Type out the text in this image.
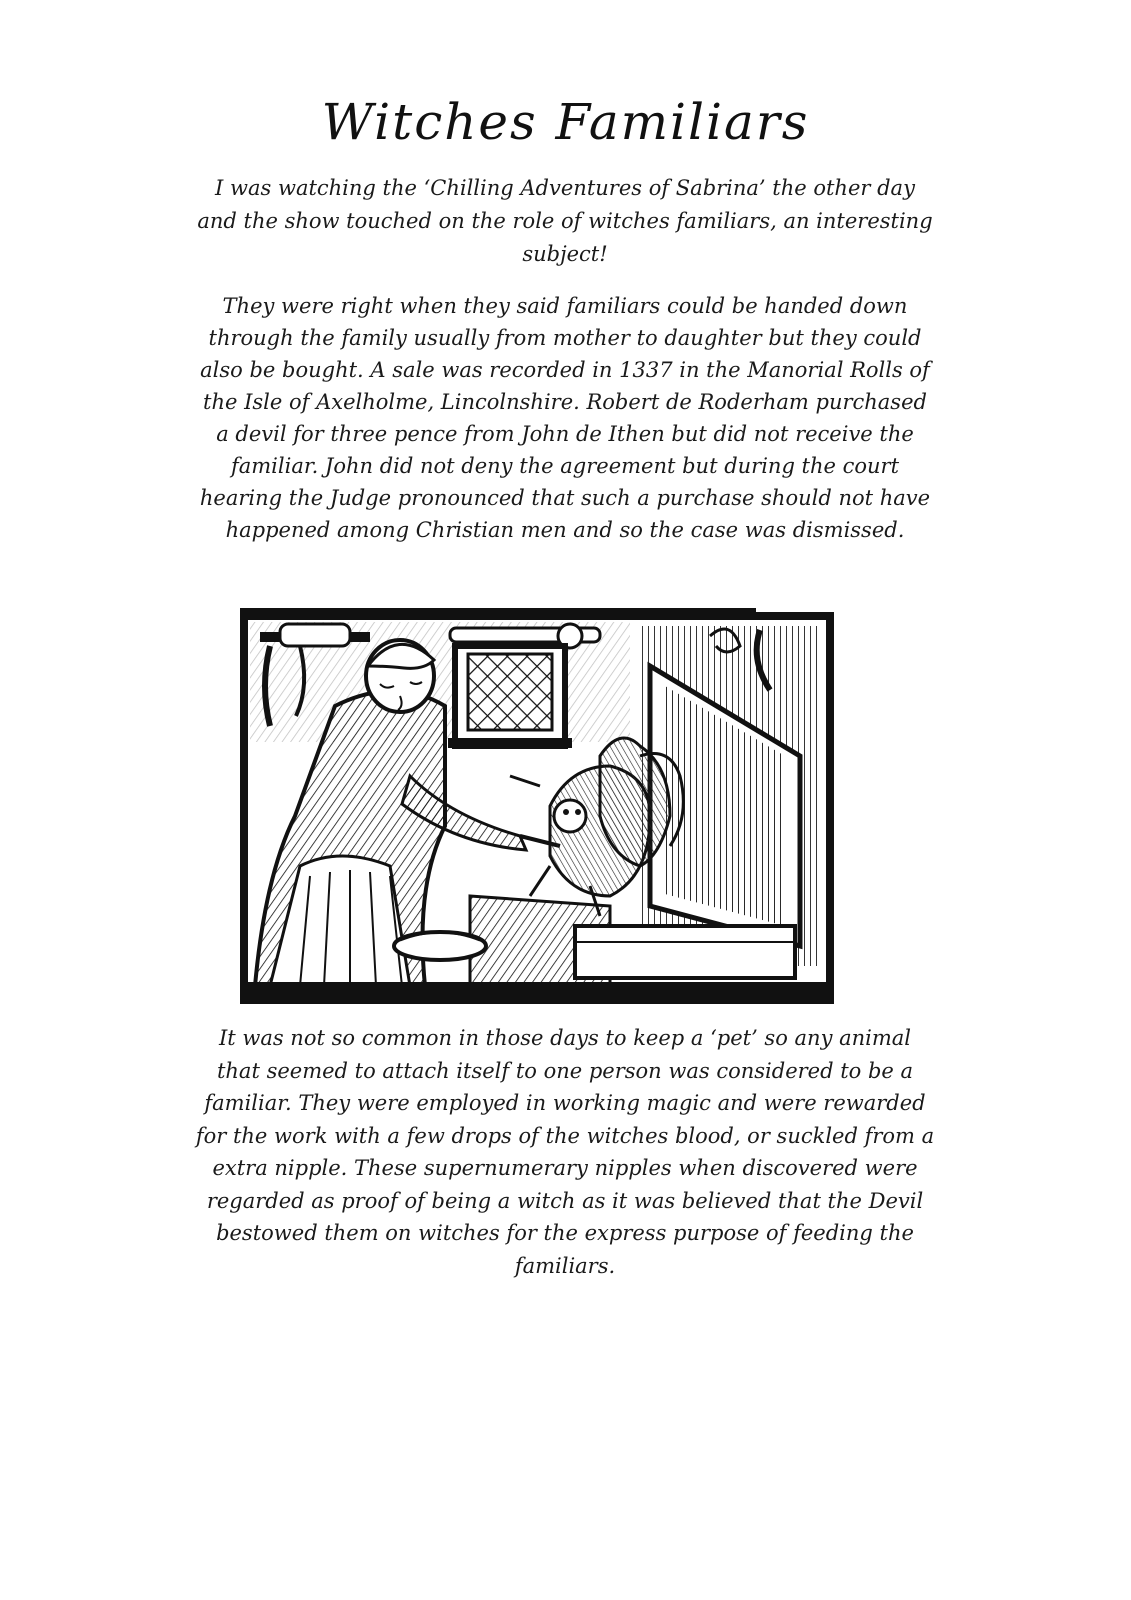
Witches Familiars

I was watching the ‘Chilling Adventures of Sabrina’ the other day and the show touched on the role of witches familiars, an interesting subject!

They were right when they said familiars could be handed down through the family usually from mother to daughter but they could also be bought. A sale was recorded in 1337 in the Manorial Rolls of the Isle of Axelholme, Lincolnshire. Robert de Roderham purchased a devil for three pence from John de Ithen but did not receive the familiar. John did not deny the agreement but during the court hearing the Judge pronounced that such a purchase should not have happened among Christian men and so the case was dismissed.

It was not so common in those days to keep a ‘pet’ so any animal that seemed to attach itself to one person was considered to be a familiar. They were employed in working magic and were rewarded for the work with a few drops of the witches blood, or suckled from a extra nipple. These supernumerary nipples when discovered were regarded as proof of being a witch as it was believed that the Devil bestowed them on witches for the express purpose of feeding the familiars.
